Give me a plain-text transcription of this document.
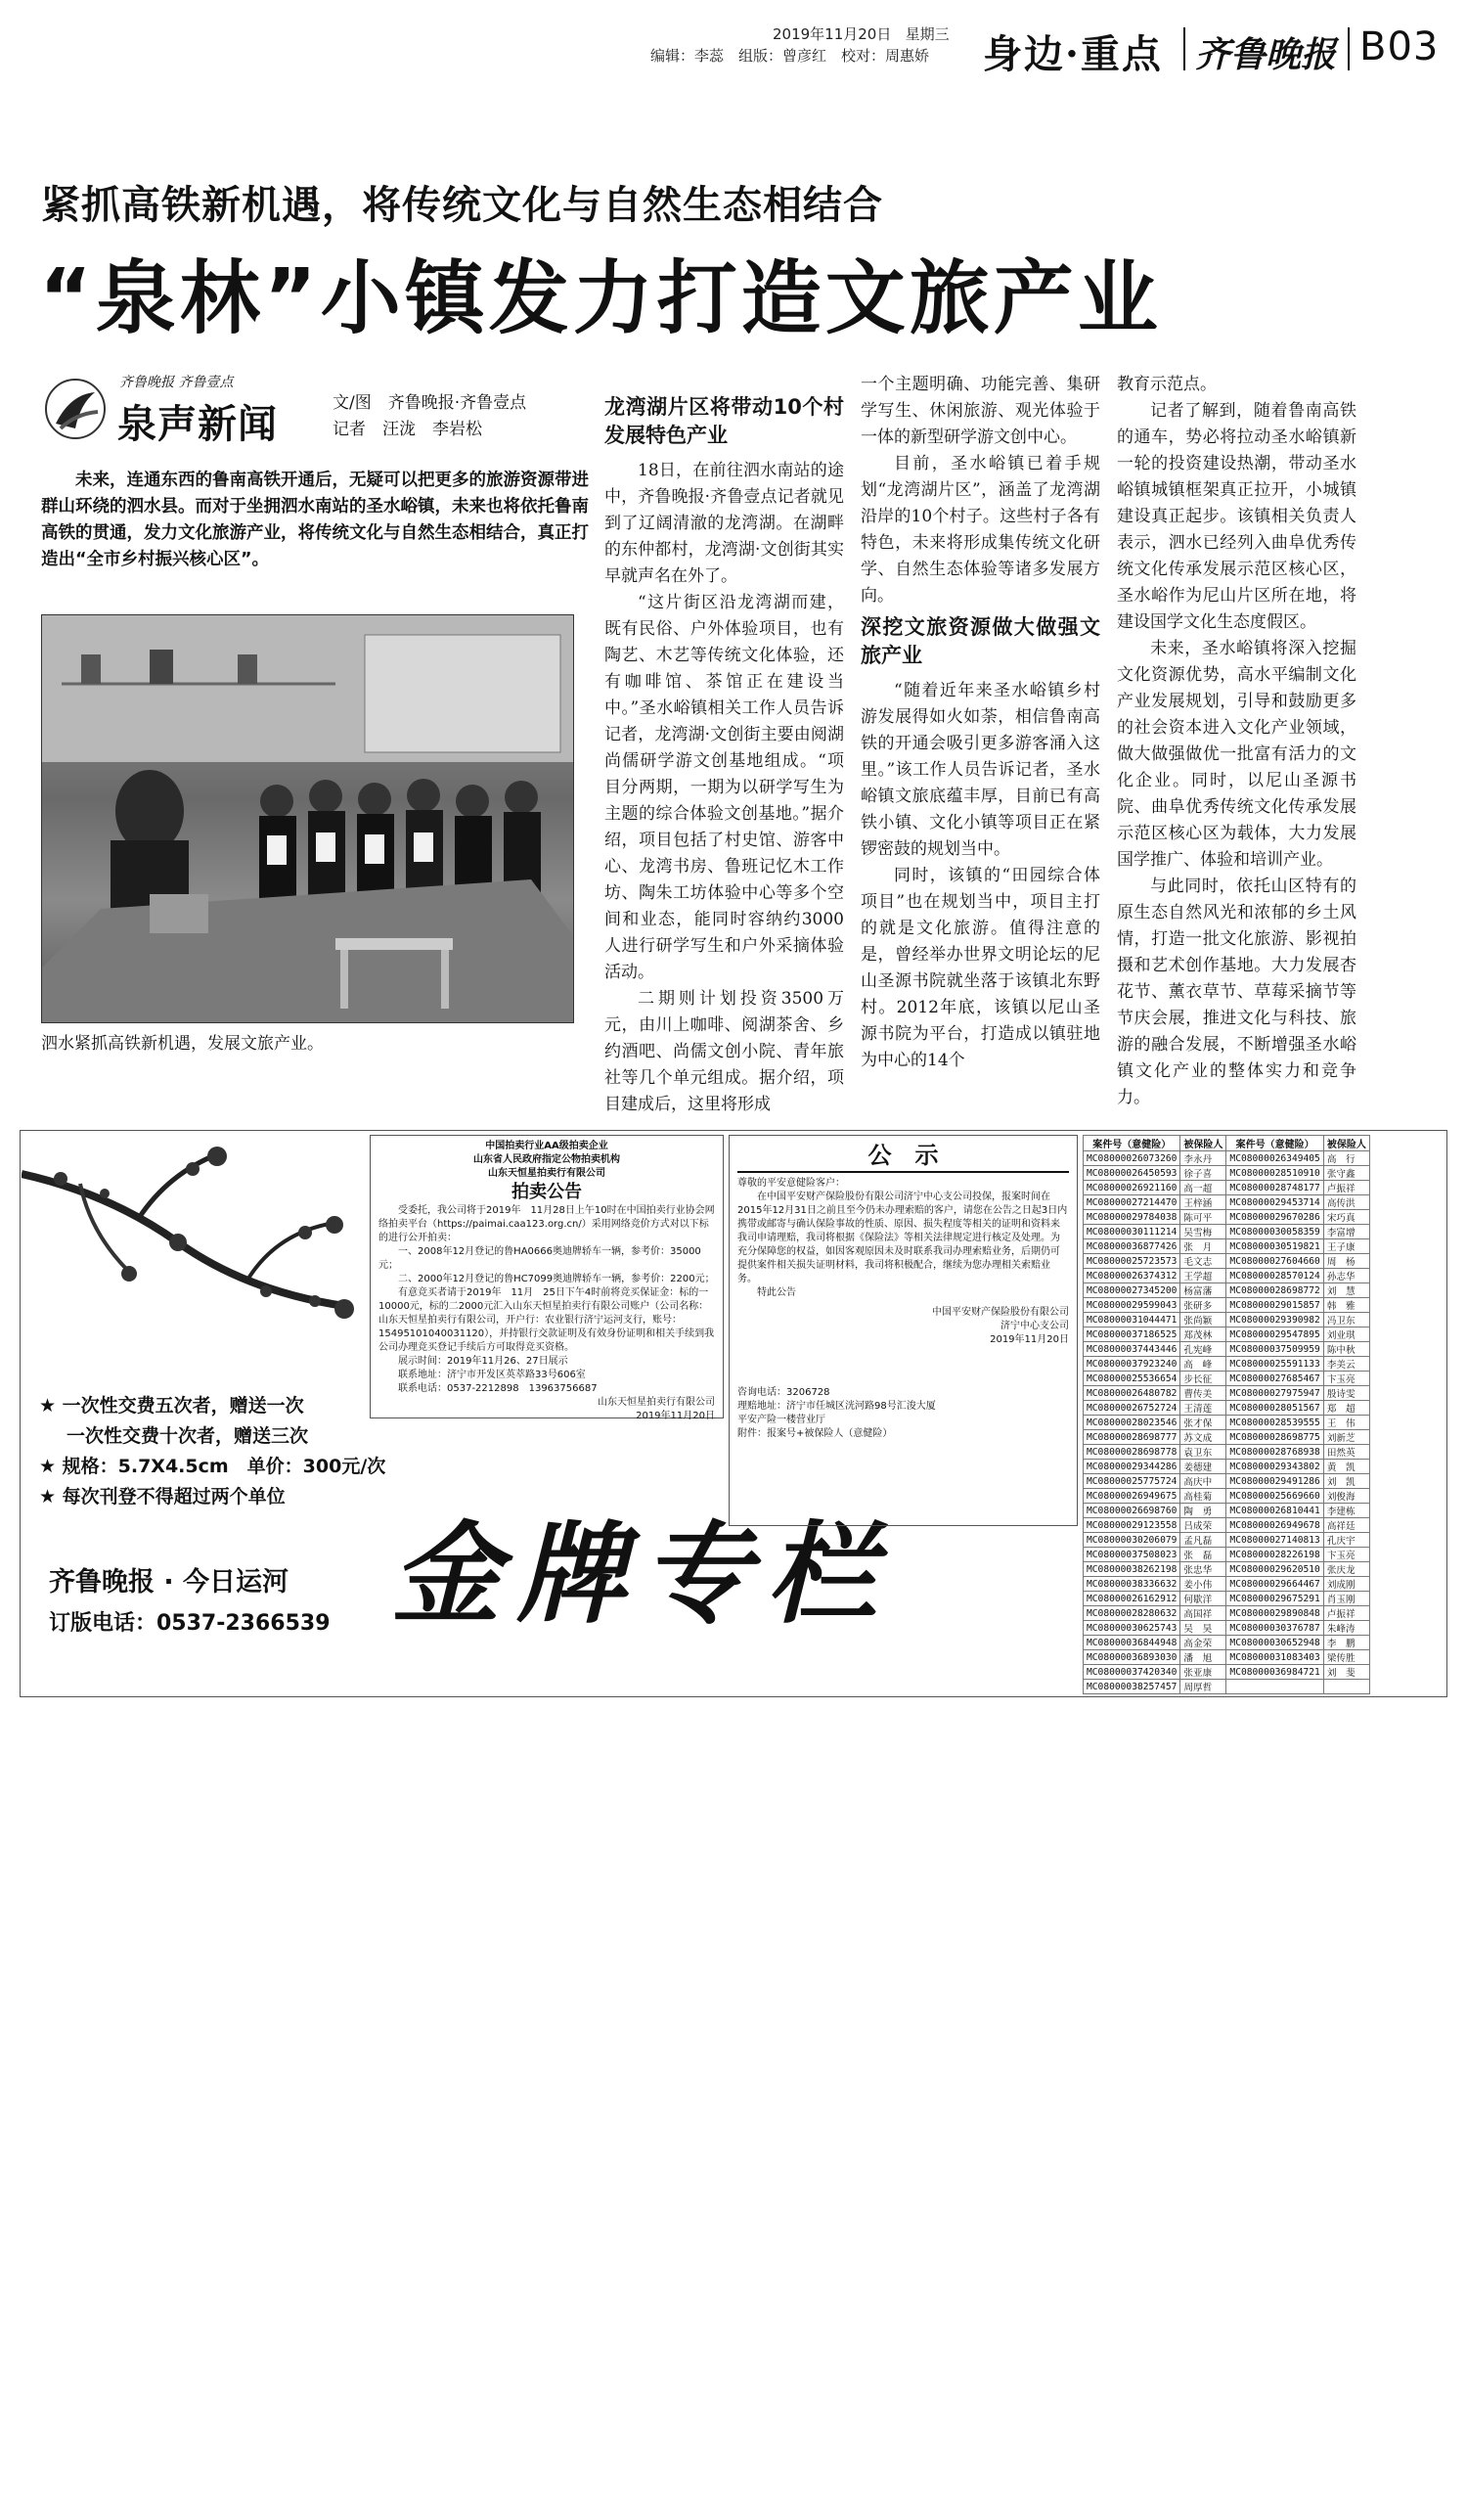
2019年11月20日 星期三
编辑：李蕊　组版：曾彦红　校对：周惠娇 身边·重点 齐鲁晚报 B03
紧抓高铁新机遇，将传统文化与自然生态相结合
“泉林”小镇发力打造文旅产业
齐鲁晚报 齐鲁壹点
泉声新闻	文/图　齐鲁晚报·齐鲁壹点
记者　汪泷　李岩松
未来，连通东西的鲁南高铁开通后，无疑可以把更多的旅游资源带进群山环绕的泗水县。而对于坐拥泗水南站的圣水峪镇，未来也将依托鲁南高铁的贯通，发力文化旅游产业，将传统文化与自然生态相结合，真正打造出“全市乡村振兴核心区”。
泗水紧抓高铁新机遇，发展文旅产业。
龙湾湖片区将带动10个村发展特色产业

18日，在前往泗水南站的途中，齐鲁晚报·齐鲁壹点记者就见到了辽阔清澈的龙湾湖。在湖畔的东仲都村，龙湾湖·文创街其实早就声名在外了。

“这片街区沿龙湾湖而建，既有民俗、户外体验项目，也有陶艺、木艺等传统文化体验，还有咖啡馆、茶馆正在建设当中。”圣水峪镇相关工作人员告诉记者，龙湾湖·文创街主要由阅湖尚儒研学游文创基地组成。“项目分两期，一期为以研学写生为主题的综合体验文创基地。”据介绍，项目包括了村史馆、游客中心、龙湾书房、鲁班记忆木工作坊、陶朱工坊体验中心等多个空间和业态，能同时容纳约3000人进行研学写生和户外采摘体验活动。

二期则计划投资3500万元，由川上咖啡、阅湖茶舍、乡约酒吧、尚儒文创小院、青年旅社等几个单元组成。据介绍，项目建成后，这里将形成

一个主题明确、功能完善、集研学写生、休闲旅游、观光体验于一体的新型研学游文创中心。

目前，圣水峪镇已着手规划“龙湾湖片区”，涵盖了龙湾湖沿岸的10个村子。这些村子各有特色，未来将形成集传统文化研学、自然生态体验等诸多发展方向。

深挖文旅资源做大做强文旅产业

“随着近年来圣水峪镇乡村游发展得如火如荼，相信鲁南高铁的开通会吸引更多游客涌入这里。”该工作人员告诉记者，圣水峪镇文旅底蕴丰厚，目前已有高铁小镇、文化小镇等项目正在紧锣密鼓的规划当中。

同时，该镇的“田园综合体项目”也在规划当中，项目主打的就是文化旅游。值得注意的是，曾经举办世界文明论坛的尼山圣源书院就坐落于该镇北东野村。2012年底，该镇以尼山圣源书院为平台，打造成以镇驻地为中心的14个

教育示范点。

记者了解到，随着鲁南高铁的通车，势必将拉动圣水峪镇新一轮的投资建设热潮，带动圣水峪镇城镇框架真正拉开，小城镇建设真正起步。该镇相关负责人表示，泗水已经列入曲阜优秀传统文化传承发展示范区核心区，圣水峪作为尼山片区所在地，将建设国学文化生态度假区。

未来，圣水峪镇将深入挖掘文化资源优势，高水平编制文化产业发展规划，引导和鼓励更多的社会资本进入文化产业领域，做大做强做优一批富有活力的文化企业。同时，以尼山圣源书院、曲阜优秀传统文化传承发展示范区核心区为载体，大力发展国学推广、体验和培训产业。

与此同时，依托山区特有的原生态自然风光和浓郁的乡土风情，打造一批文化旅游、影视拍摄和艺术创作基地。大力发展杏花节、薰衣草节、草莓采摘节等节庆会展，推进文化与科技、旅游的融合发展，不断增强圣水峪镇文化产业的整体实力和竞争力。

★ 一次性交费五次者，赠送一次
一次性交费十次者，赠送三次
★ 规格：5.7X4.5cm　单价：300元/次
★ 每次刊登不得超过两个单位
齐鲁晚报 · 今日运河
订版电话：0537-2366539 金牌专栏
中国拍卖行业AA级拍卖企业
山东省人民政府指定公物拍卖机构
山东天恒星拍卖行有限公司
拍卖公告
受委托，我公司将于2019年　11月28日上午10时在中国拍卖行业协会网络拍卖平台（https://paimai.caa123.org.cn/）采用网络竞价方式对以下标的进行公开拍卖：
一、2008年12月登记的鲁HA0666奥迪牌轿车一辆，参考价：35000元；
二、2000年12月登记的鲁HC7099奥迪牌轿车一辆，参考价：2200元；
有意竞买者请于2019年　11月　25日下午4时前将竞买保证金：标的一10000元，标的二2000元汇入山东天恒星拍卖行有限公司账户（公司名称：山东天恒星拍卖行有限公司，开户行：农业银行济宁运河支行，账号：15495101040031120），并持银行交款证明及有效身份证明和相关手续到我公司办理竞买登记手续后方可取得竞买资格。
展示时间：2019年11月26、27日展示
联系地址：济宁市开发区英萃路33号606室
联系电话：0537-2212898　13963756687
山东天恒星拍卖行有限公司
2019年11月20日
公　示
尊敬的平安意健险客户：
在中国平安财产保险股份有限公司济宁中心支公司投保，报案时间在2015年12月31日之前且至今仍未办理索赔的客户，请您在公告之日起3日内携带或邮寄与确认保险事故的性质、原因、损失程度等相关的证明和资料来我司申请理赔，我司将根据《保险法》等相关法律规定进行核定及处理。为充分保障您的权益，如因客观原因未及时联系我司办理索赔业务，后期仍可提供案件相关损失证明材料，我司将积极配合，继续为您办理相关索赔业务。
特此公告
中国平安财产保险股份有限公司
济宁中心支公司
2019年11月20日
咨询电话：3206728
理赔地址：济宁市任城区洸河路98号汇浚大厦
平安产险一楼营业厅
附件：报案号+被保险人（意健险）
案件号（意健险）	被保险人	案件号（意健险）	被保险人
MC08000026073260	李永丹	MC08000026349405	高　行
MC08000026450593	徐子喜	MC08000028510910	张守鑫
MC08000026921160	高一超	MC08000028748177	卢振祥
MC08000027214470	王梓涵	MC08000029453714	高传洪
MC08000029784038	陈可平	MC08000029670286	宋巧真
MC08000030111214	吴雪梅	MC08000030058359	李富增
MC08000036877426	张　月	MC08000030519821	王子康
MC08000025723573	毛文志	MC08000027604660	周　杨
MC08000026374312	王学超	MC08000028570124	孙志华
MC08000027345200	杨富藩	MC08000028698772	刘　慧
MC08000029599043	张研多	MC08000029015857	韩　雅
MC08000031044471	张尚颖	MC08000029390982	冯卫东
MC08000037186525	郑茂林	MC08000029547895	刘业琪
MC08000037443446	孔宪峰	MC08000037509959	陈中秋
MC08000037923240	高　峰	MC08000025591133	李美云
MC08000025536654	步长征	MC08000027685467	卞玉亮
MC08000026480782	曹传美	MC08000027975947	殷诗雯
MC08000026752724	王清莲	MC08000028051567	郑　超
MC08000028023546	张才保	MC08000028539555	王　伟
MC08000028698777	苏文成	MC08000028698775	刘新芝
MC08000028698778	袁卫东	MC08000028768938	田然英
MC08000029344286	姜德建	MC08000029343802	黄　凯
MC08000025775724	高庆中	MC08000029491286	刘　凯
MC08000026949675	高桂菊	MC08000025669660	刘俊海
MC08000026698760	陶　勇	MC08000026810441	李建栋
MC08000029123558	吕成荣	MC08000026949678	高祥廷
MC08000030206079	孟凡磊	MC08000027140813	孔庆宇
MC08000037508023	张　磊	MC08000028226198	卞玉亮
MC08000038262198	张忠华	MC08000029620510	张庆龙
MC08000038336632	姜小伟	MC08000029664467	刘成刚
MC08000026162912	何歇洋	MC08000029675291	肖玉刚
MC08000028280632	高国祥	MC08000029890848	卢振祥
MC08000030625743	吴　昊	MC08000030376787	朱峰涛
MC08000036844948	高金荣	MC08000030652948	李　鹏
MC08000036893030	潘　旭	MC08000031083403	梁传胜
MC08000037420340	张亚康	MC08000036984721	刘　斐
MC08000038257457	周厚哲		
